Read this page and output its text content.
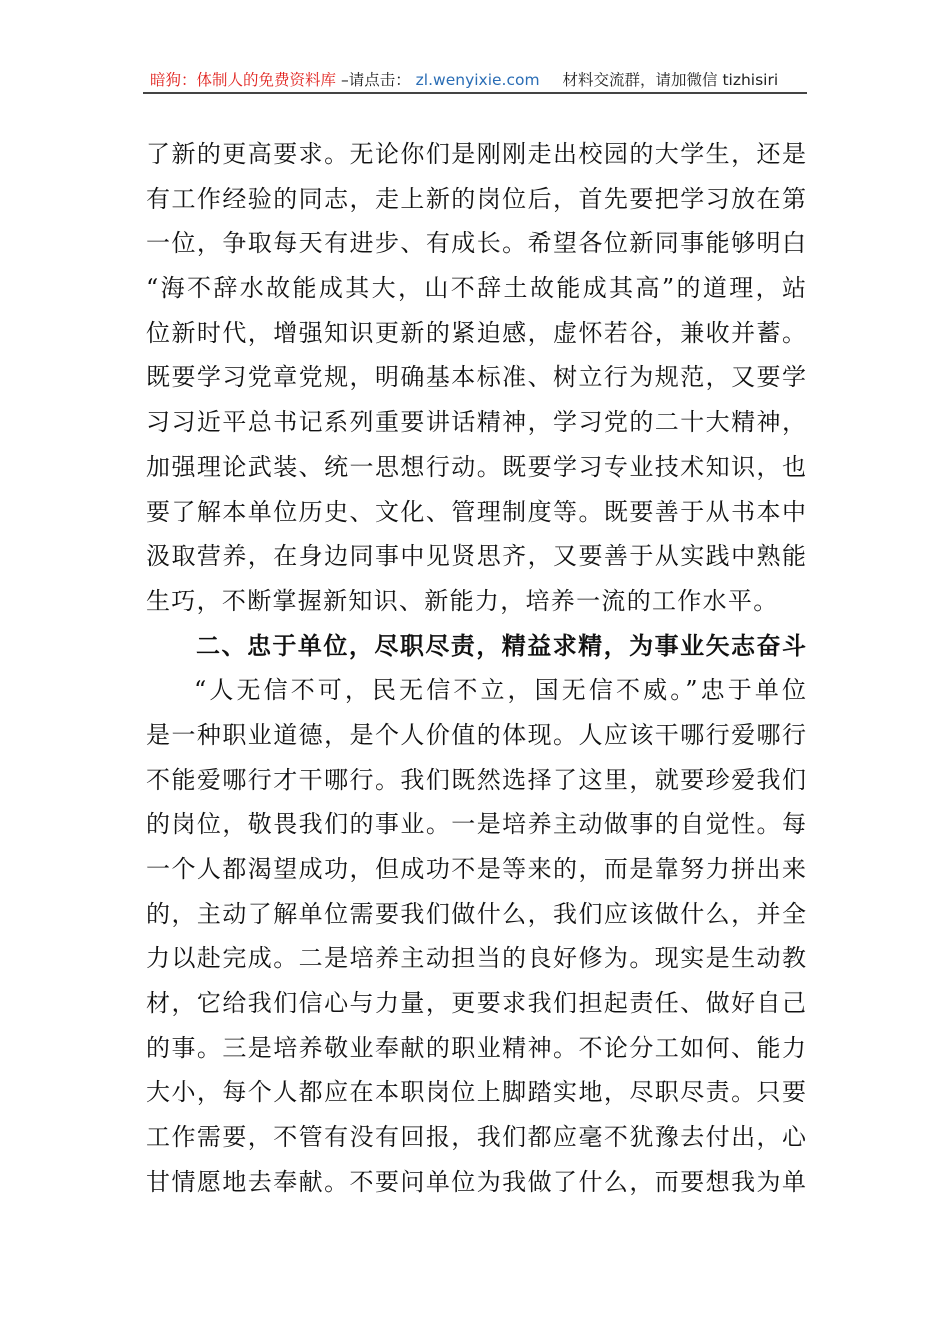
暗狗：体制人的免费资料库 –请点击： zl.wenyixie.com 材料交流群，请加微信 tizhisiri
了新的更高要求。无论你们是刚刚走出校园的大学生，还是
有工作经验的同志，走上新的岗位后，首先要把学习放在第
一位，争取每天有进步、有成长。希望各位新同事能够明白
“海不辞水故能成其大，山不辞土故能成其高”的道理，站
位新时代，增强知识更新的紧迫感，虚怀若谷，兼收并蓄。
既要学习党章党规，明确基本标准、树立行为规范，又要学
习习近平总书记系列重要讲话精神，学习党的二十大精神，
加强理论武装、统一思想行动。既要学习专业技术知识，也
要了解本单位历史、文化、管理制度等。既要善于从书本中
汲取营养，在身边同事中见贤思齐，又要善于从实践中熟能
生巧，不断掌握新知识、新能力，培养一流的工作水平。
二、忠于单位，尽职尽责，精益求精，为事业矢志奋斗
“人无信不可，民无信不立，国无信不威。”忠于单位
是一种职业道德，是个人价值的体现。人应该干哪行爱哪行
不能爱哪行才干哪行。我们既然选择了这里，就要珍爱我们
的岗位，敬畏我们的事业。一是培养主动做事的自觉性。每
一个人都渴望成功，但成功不是等来的，而是靠努力拼出来
的，主动了解单位需要我们做什么，我们应该做什么，并全
力以赴完成。二是培养主动担当的良好修为。现实是生动教
材，它给我们信心与力量，更要求我们担起责任、做好自己
的事。三是培养敬业奉献的职业精神。不论分工如何、能力
大小，每个人都应在本职岗位上脚踏实地，尽职尽责。只要
工作需要，不管有没有回报，我们都应毫不犹豫去付出，心
甘情愿地去奉献。不要问单位为我做了什么，而要想我为单
